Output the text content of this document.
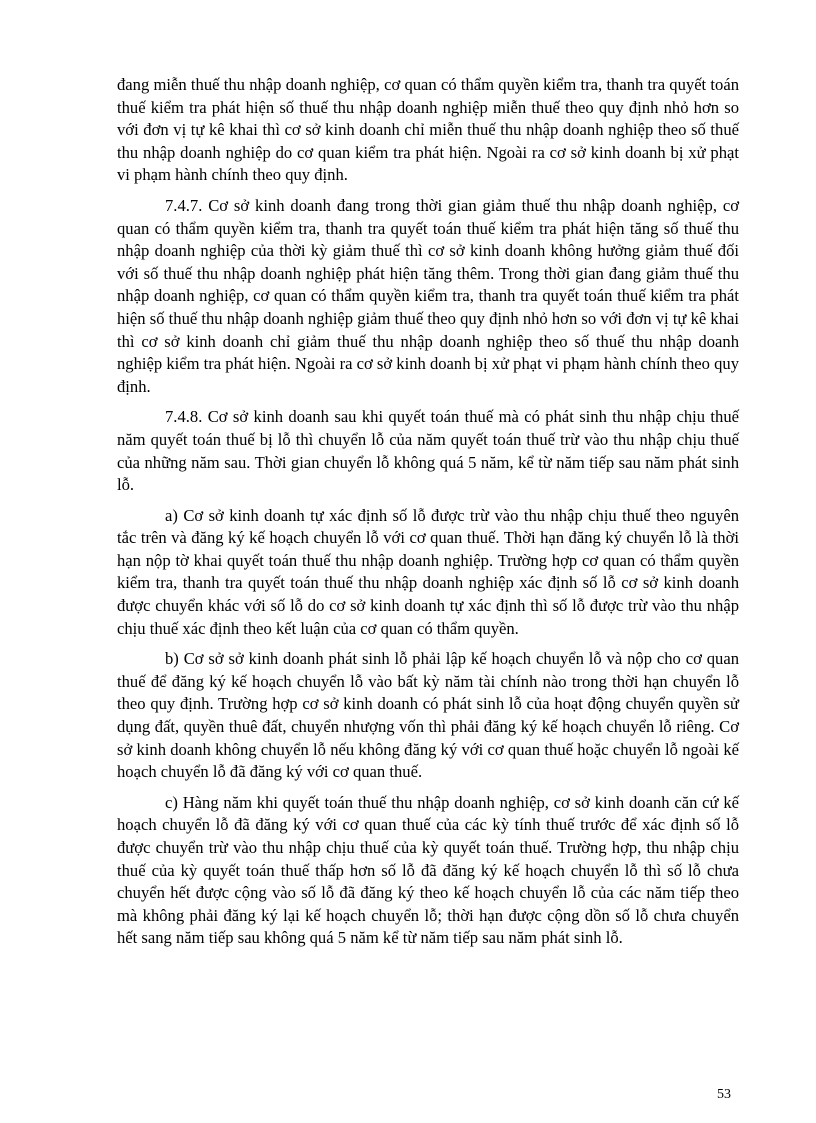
đang miễn thuế thu nhập doanh nghiệp, cơ quan có thẩm quyền kiểm tra, thanh tra quyết toán thuế kiểm tra phát hiện số thuế thu nhập doanh nghiệp miễn thuế theo quy định nhỏ hơn so với đơn vị tự kê khai thì cơ sở kinh doanh chỉ miễn thuế thu nhập doanh nghiệp theo số thuế thu nhập doanh nghiệp do cơ quan kiểm tra phát hiện. Ngoài ra cơ sở kinh doanh bị xử phạt vi phạm hành chính theo quy định.

7.4.7. Cơ sở kinh doanh đang trong thời gian giảm thuế thu nhập doanh nghiệp, cơ quan có thẩm quyền kiểm tra, thanh tra quyết toán thuế kiểm tra phát hiện tăng số thuế thu nhập doanh nghiệp của thời kỳ giảm thuế thì cơ sở kinh doanh không hưởng giảm thuế đối với số thuế thu nhập doanh nghiệp phát hiện tăng thêm. Trong thời gian đang giảm thuế thu nhập doanh nghiệp, cơ quan có thẩm quyền kiểm tra, thanh tra quyết toán thuế kiểm tra phát hiện số thuế thu nhập doanh nghiệp giảm thuế theo quy định nhỏ hơn so với đơn vị tự kê khai thì cơ sở kinh doanh chỉ giảm thuế thu nhập doanh nghiệp theo số thuế thu nhập doanh nghiệp kiểm tra phát hiện. Ngoài ra cơ sở kinh doanh bị xử phạt vi phạm hành chính theo quy định.

7.4.8. Cơ sở kinh doanh sau khi quyết toán thuế mà có phát sinh thu nhập chịu thuế năm quyết toán thuế bị lỗ thì chuyển lỗ của năm quyết toán thuế trừ vào thu nhập chịu thuế của những năm sau. Thời gian chuyển lỗ không quá 5 năm, kể từ năm tiếp sau năm phát sinh lỗ.

a) Cơ sở kinh doanh tự xác định số lỗ được trừ vào thu nhập chịu thuế theo nguyên tắc trên và đăng ký kế hoạch chuyển lỗ với cơ quan thuế. Thời hạn đăng ký chuyển lỗ là thời hạn nộp tờ khai quyết toán thuế thu nhập doanh nghiệp. Trường hợp cơ quan có thẩm quyền kiểm tra, thanh tra quyết toán thuế thu nhập doanh nghiệp xác định số lỗ cơ sở kinh doanh được chuyển khác với số lỗ do cơ sở kinh doanh tự xác định thì số lỗ được trừ vào thu nhập chịu thuế xác định theo kết luận của cơ quan có thẩm quyền.

b) Cơ sở sở kinh doanh phát sinh lỗ phải lập kế hoạch chuyển lỗ và nộp cho cơ quan thuế để đăng ký kế hoạch chuyển lỗ vào bất kỳ năm tài chính nào trong thời hạn chuyển lỗ theo quy định. Trường hợp cơ sở kinh doanh có phát sinh lỗ của hoạt động chuyển quyền sử dụng đất, quyền thuê đất, chuyển nhượng vốn thì phải đăng ký kế hoạch chuyển lỗ riêng. Cơ sở kinh doanh không chuyển lỗ nếu không đăng ký với cơ quan thuế hoặc chuyển lỗ ngoài kế hoạch chuyển lỗ đã đăng ký với cơ quan thuế.

c) Hàng năm khi quyết toán thuế thu nhập doanh nghiệp, cơ sở kinh doanh căn cứ kế hoạch chuyển lỗ đã đăng ký với cơ quan thuế của các kỳ tính thuế trước để xác định số lỗ được chuyển trừ vào thu nhập chịu thuế của kỳ quyết toán thuế. Trường hợp, thu nhập chịu thuế của kỳ quyết toán thuế thấp hơn số lỗ đã đăng ký kế hoạch chuyển lỗ thì số lỗ chưa chuyển hết được cộng vào số lỗ đã đăng ký theo kế hoạch chuyển lỗ của các năm tiếp theo mà không phải đăng ký lại kế hoạch chuyển lỗ; thời hạn được cộng dồn số lỗ chưa chuyển hết sang năm tiếp sau không quá 5 năm kể từ năm tiếp sau năm phát sinh lỗ.

53
